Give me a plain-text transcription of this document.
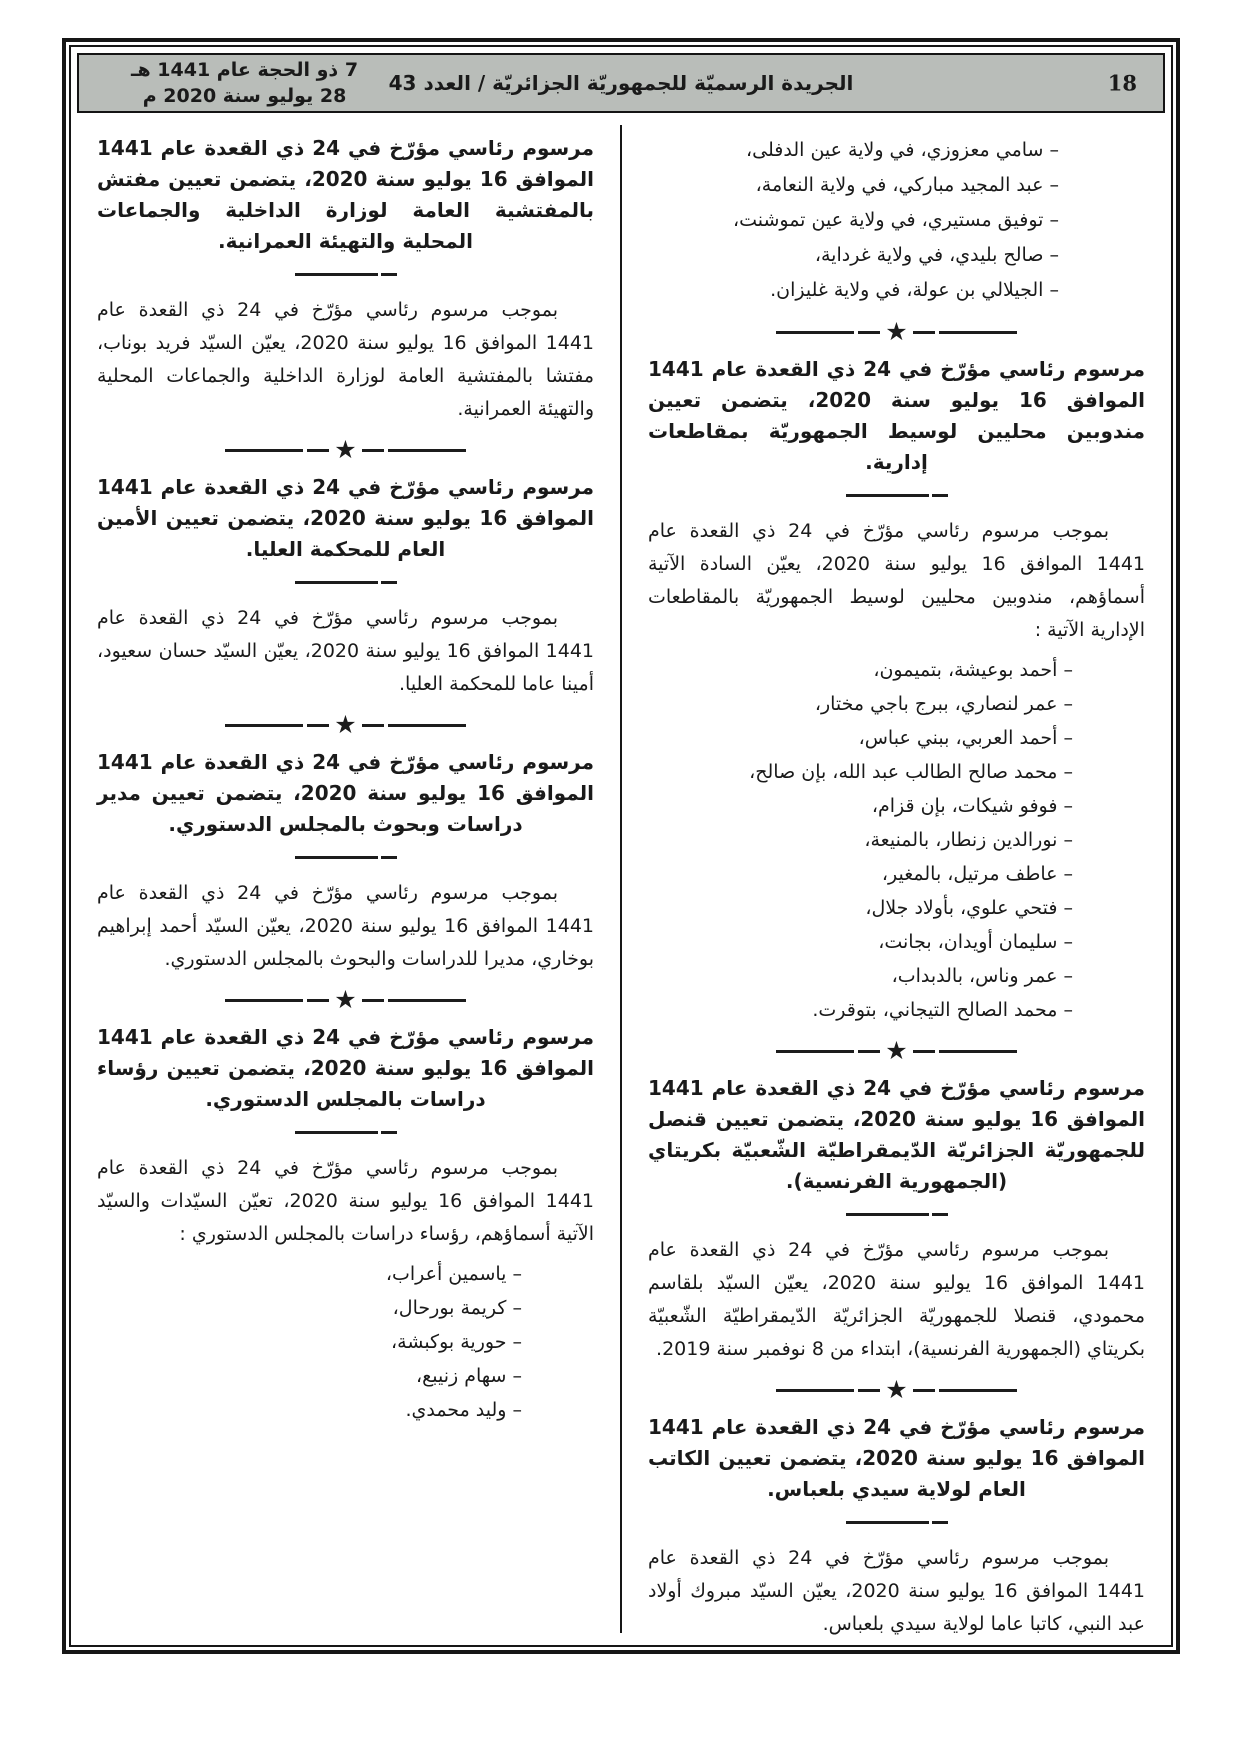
7 ذو الحجة عام 1441 هـ
28 يوليو سنة 2020 م
الجريدة الرسميّة للجمهوريّة الجزائريّة / العدد 43	18
– سامي معزوزي، في ولاية عين الدفلى،
– عبد المجيد مباركي، في ولاية النعامة،
– توفيق مستيري، في ولاية عين تموشنت،
– صالح بليدي، في ولاية غرداية،
– الجيلالي بن عولة، في ولاية غليزان.
★
مرسوم رئاسي مؤرّخ في 24 ذي القعدة عام 1441 الموافق 16 يوليو سنة 2020، يتضمن تعيين مندوبين محليين لوسيط الجمهوريّة بمقاطعات إدارية.

بموجب مرسوم رئاسي مؤرّخ في 24 ذي القعدة عام 1441 الموافق 16 يوليو سنة 2020، يعيّن السادة الآتية أسماؤهم، مندوبين محليين لوسيط الجمهوريّة بالمقاطعات الإدارية الآتية :

– أحمد بوعيشة، بتميمون،
– عمر لنصاري، ببرج باجي مختار،
– أحمد العربي، ببني عباس،
– محمد صالح الطالب عبد الله، بإن صالح،
– فوفو شيكات، بإن قزام،
– نورالدين زنطار، بالمنيعة،
– عاطف مرتيل، بالمغير،
– فتحي علوي، بأولاد جلال،
– سليمان أويدان، بجانت،
– عمر وناس، بالدبداب،
– محمد الصالح التيجاني، بتوقرت.
★
مرسوم رئاسي مؤرّخ في 24 ذي القعدة عام 1441 الموافق 16 يوليو سنة 2020، يتضمن تعيين قنصل للجمهوريّة الجزائريّة الدّيمقراطيّة الشّعبيّة بكريتاي (الجمهورية الفرنسية).

بموجب مرسوم رئاسي مؤرّخ في 24 ذي القعدة عام 1441 الموافق 16 يوليو سنة 2020، يعيّن السيّد بلقاسم محمودي، قنصلا للجمهوريّة الجزائريّة الدّيمقراطيّة الشّعبيّة بكريتاي (الجمهورية الفرنسية)، ابتداء من 8 نوفمبر سنة 2019.

★
مرسوم رئاسي مؤرّخ في 24 ذي القعدة عام 1441 الموافق 16 يوليو سنة 2020، يتضمن تعيين الكاتب العام لولاية سيدي بلعباس.

بموجب مرسوم رئاسي مؤرّخ في 24 ذي القعدة عام 1441 الموافق 16 يوليو سنة 2020، يعيّن السيّد مبروك أولاد عبد النبي، كاتبا عاما لولاية سيدي بلعباس.

مرسوم رئاسي مؤرّخ في 24 ذي القعدة عام 1441 الموافق 16 يوليو سنة 2020، يتضمن تعيين مفتش بالمفتشية العامة لوزارة الداخلية والجماعات المحلية والتهيئة العمرانية.

بموجب مرسوم رئاسي مؤرّخ في 24 ذي القعدة عام 1441 الموافق 16 يوليو سنة 2020، يعيّن السيّد فريد بوناب، مفتشا بالمفتشية العامة لوزارة الداخلية والجماعات المحلية والتهيئة العمرانية.

★
مرسوم رئاسي مؤرّخ في 24 ذي القعدة عام 1441 الموافق 16 يوليو سنة 2020، يتضمن تعيين الأمين العام للمحكمة العليا.

بموجب مرسوم رئاسي مؤرّخ في 24 ذي القعدة عام 1441 الموافق 16 يوليو سنة 2020، يعيّن السيّد حسان سعيود، أمينا عاما للمحكمة العليا.

★
مرسوم رئاسي مؤرّخ في 24 ذي القعدة عام 1441 الموافق 16 يوليو سنة 2020، يتضمن تعيين مدير دراسات وبحوث بالمجلس الدستوري.

بموجب مرسوم رئاسي مؤرّخ في 24 ذي القعدة عام 1441 الموافق 16 يوليو سنة 2020، يعيّن السيّد أحمد إبراهيم بوخاري، مديرا للدراسات والبحوث بالمجلس الدستوري.

★
مرسوم رئاسي مؤرّخ في 24 ذي القعدة عام 1441 الموافق 16 يوليو سنة 2020، يتضمن تعيين رؤساء دراسات بالمجلس الدستوري.

بموجب مرسوم رئاسي مؤرّخ في 24 ذي القعدة عام 1441 الموافق 16 يوليو سنة 2020، تعيّن السيّدات والسيّد الآتية أسماؤهم، رؤساء دراسات بالمجلس الدستوري :

– ياسمين أعراب،
– كريمة بورحال،
– حورية بوكبشة،
– سهام زنيبع،
– وليد محمدي.
